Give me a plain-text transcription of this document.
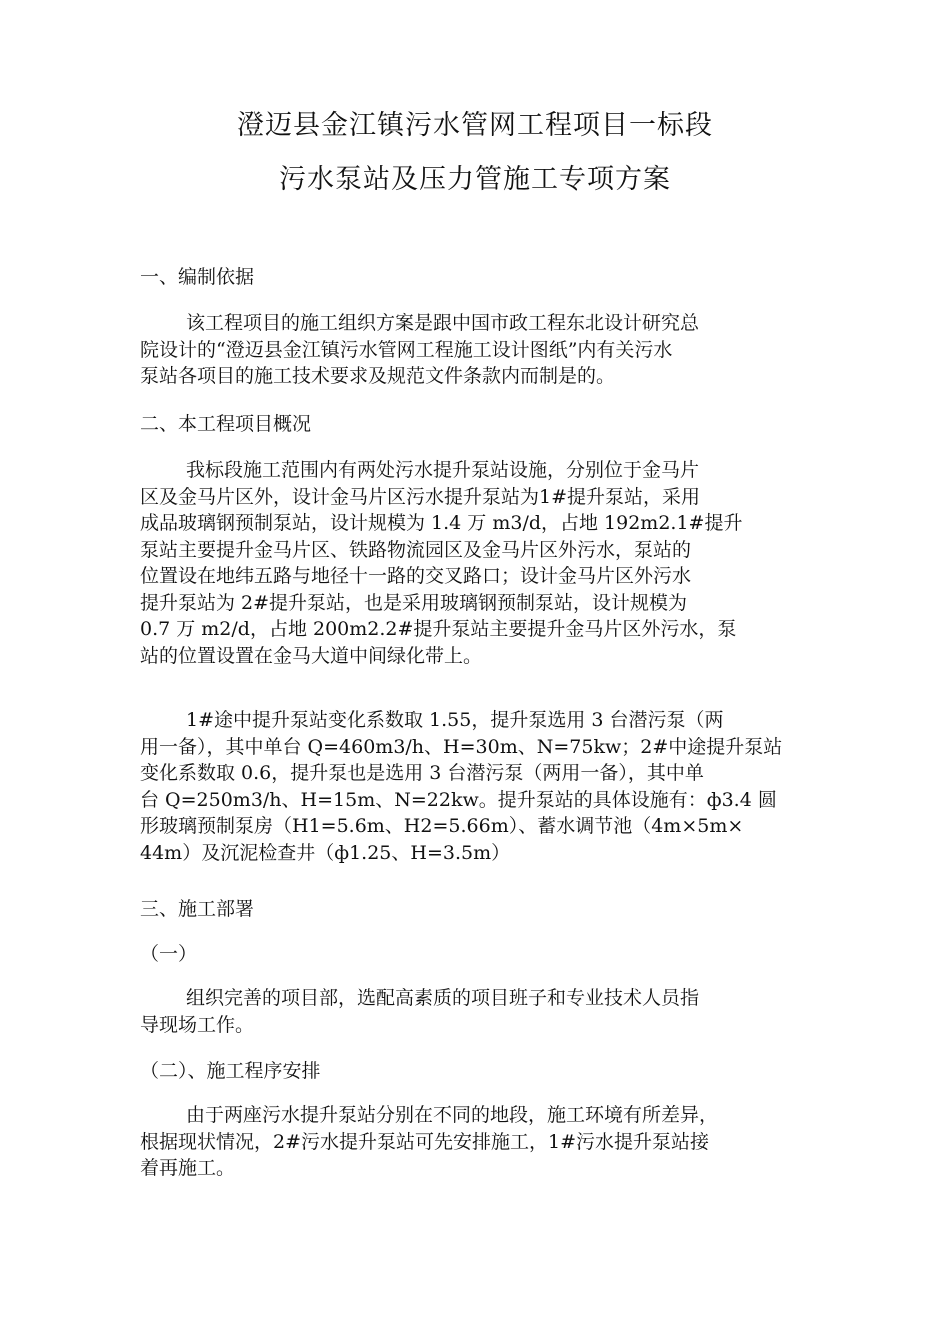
澄迈县金江镇污水管网工程项目一标段
污水泵站及压力管施工专项方案
一、编制依据
该工程项目的施工组织方案是跟中国市政工程东北设计研究总
院设计的“澄迈县金江镇污水管网工程施工设计图纸”内有关污水
泵站各项目的施工技术要求及规范文件条款内而制是的。
二、本工程项目概况
我标段施工范围内有两处污水提升泵站设施，分别位于金马片
区及金马片区外，设计金马片区污水提升泵站为1#提升泵站，采用
成品玻璃钢预制泵站，设计规模为 1.4 万 m3/d，占地 192m2.1#提升
泵站主要提升金马片区、铁路物流园区及金马片区外污水，泵站的
位置设在地纬五路与地径十一路的交叉路口；设计金马片区外污水
提升泵站为 2#提升泵站，也是采用玻璃钢预制泵站，设计规模为
0.7 万 m2/d，占地 200m2.2#提升泵站主要提升金马片区外污水，泵
站的位置设置在金马大道中间绿化带上。
1#途中提升泵站变化系数取 1.55，提升泵选用 3 台潜污泵（两
用一备），其中单台 Q=460m3/h、H=30m、N=75kw；2#中途提升泵站
变化系数取 0.6，提升泵也是选用 3 台潜污泵（两用一备），其中单
台 Q=250m3/h、H=15m、N=22kw。提升泵站的具体设施有：ф3.4 圆
形玻璃预制泵房（H1=5.6m、H2=5.66m）、蓄水调节池（4m×5m×
44m）及沉泥检查井（ф1.25、H=3.5m）
三、施工部署
（一）
组织完善的项目部，选配高素质的项目班子和专业技术人员指
导现场工作。
（二）、施工程序安排
由于两座污水提升泵站分别在不同的地段，施工环境有所差异，
根据现状情况，2#污水提升泵站可先安排施工，1#污水提升泵站接
着再施工。
